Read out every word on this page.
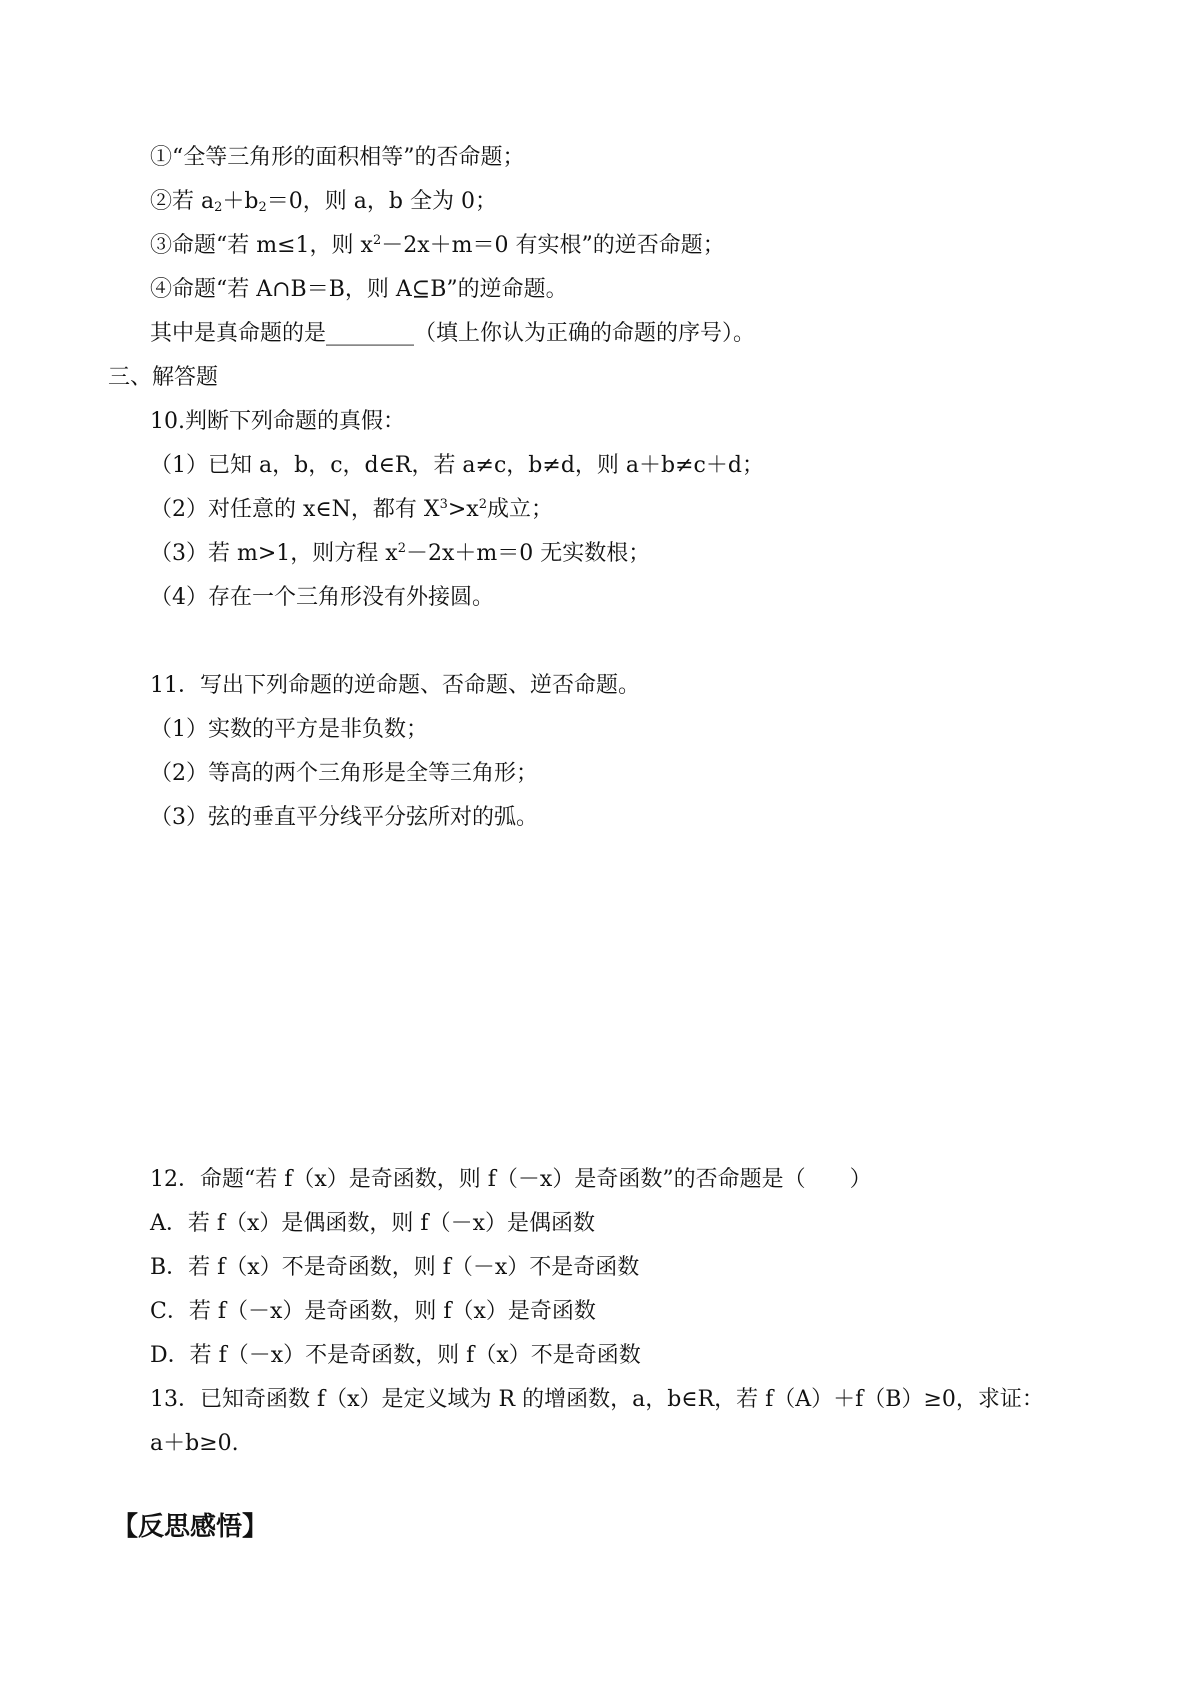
①“全等三角形的面积相等”的否命题；
②若 $a_2+b_2=0$，则 a，b 全为 0；
③命题“若 m≤1，则 $x^2-2x+m=0$ 有实根”的逆否命题；
④命题“若 A∩B＝B，则 A⊆B”的逆命题。
其中是真命题的是________（填上你认为正确的命题的序号）。
三、解答题
10.判断下列命题的真假：
（1）已知 a，b，c，d∈R，若 a≠c，b≠d，则 a＋b≠c＋d；
（2）对任意的 x∈N，都有 $X^3>x^2$成立；
（3）若 m>1，则方程 $x^2-2x+m=0$ 无实数根；
（4）存在一个三角形没有外接圆。
11．写出下列命题的逆命题、否命题、逆否命题。
（1）实数的平方是非负数；
（2）等高的两个三角形是全等三角形；
（3）弦的垂直平分线平分弦所对的弧。
12．命题“若 f（x）是奇函数，则 f（－x）是奇函数”的否命题是（　　）
A．若 f（x）是偶函数，则 f（－x）是偶函数
B．若 f（x）不是奇函数，则 f（－x）不是奇函数
C．若 f（－x）是奇函数，则 f（x）是奇函数
D．若 f（－x）不是奇函数，则 f（x）不是奇函数
13．已知奇函数 f（x）是定义域为 R 的增函数，a，b∈R，若 f（A）＋f（B）≥0，求证：
a＋b≥0.
【反思感悟】
